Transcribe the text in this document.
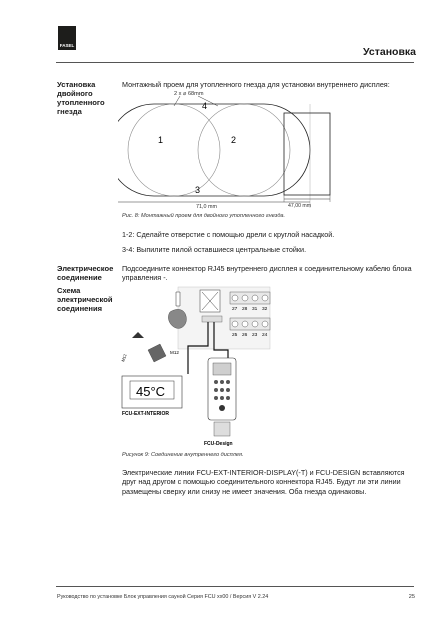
FASEL
Установка
Установка двойного утопленного гнезда
Монтажный проем для утопленного гнезда для установки внутреннего дисплея:
2 x ⌀ 68mm
4
1	2
3
71,0 mm	47,00 mm
Рис. 8: Монтажный проем для двойного утопленного гнезда.
1-2: Сделайте отверстие с помощью дрели с круглой насадкой.
3-4: Выпилите пилой оставшиеся центральные стойки.
Электрическое соединение
Схема электрической соединения
Подсоедините коннектор RJ45 внутреннего дисплея к соединительному кабелю блока управления -.
27 28 31 32
25 26 23 24
M12
M12
45°C
FCU-EXT-INTERIOR
FCU-Design
Рисунок 9: Соединение внутреннего дисплея.
Электрические линии FCU-EXT-INTERIOR-DISPLAY(-T) и FCU-DESIGN вставляются друг над другом с помощью соединительного коннектора RJ45. Будут ли эти линии размещены сверху или снизу не имеет значения. Оба гнезда одинаковы.
Руководство по установке Блок управления сауной Серия FCU xx00 / Версия V 2.24	25
